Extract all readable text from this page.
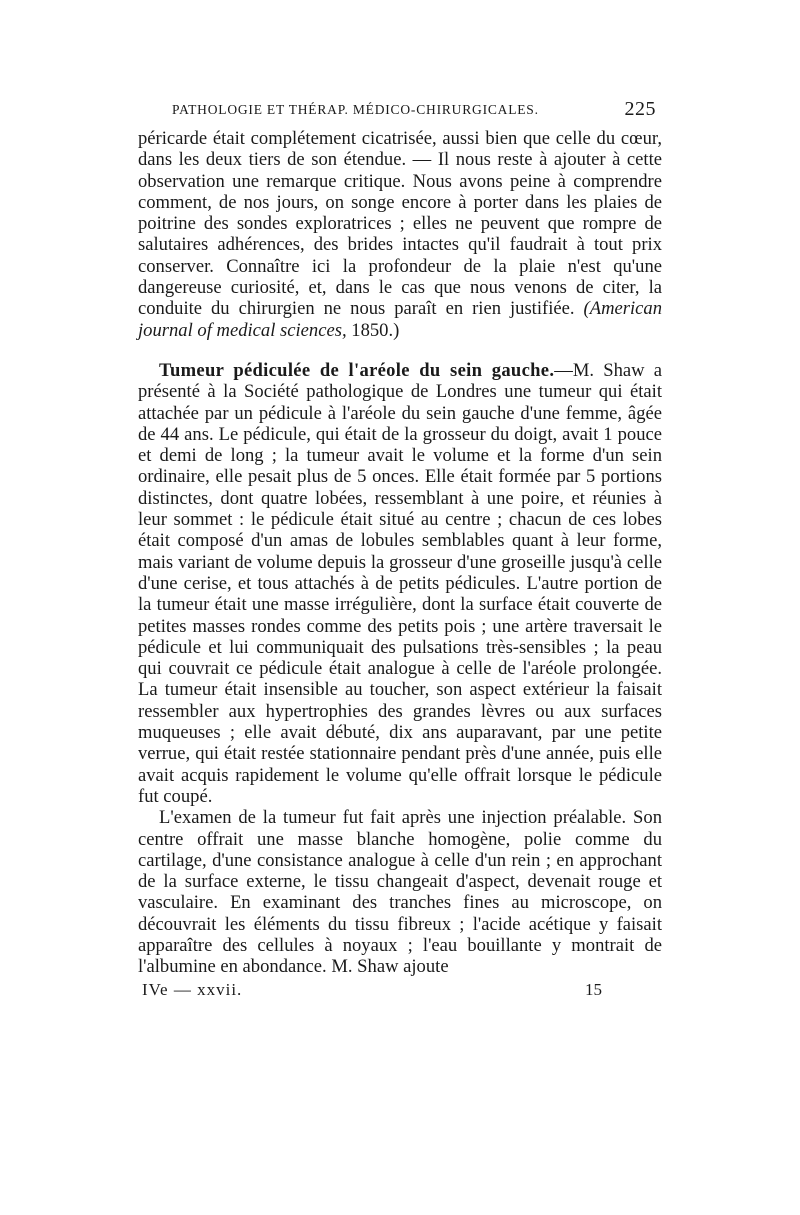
PATHOLOGIE ET THÉRAP. MÉDICO-CHIRURGICALES.	225

péricarde était complétement cicatrisée, aussi bien que celle du cœur, dans les deux tiers de son étendue. — Il nous reste à ajouter à cette observation une remarque critique. Nous avons peine à comprendre comment, de nos jours, on songe encore à porter dans les plaies de poitrine des sondes exploratrices ; elles ne peuvent que rompre de salutaires adhérences, des brides intactes qu'il faudrait à tout prix conserver. Connaître ici la profondeur de la plaie n'est qu'une dangereuse curiosité, et, dans le cas que nous venons de citer, la conduite du chirurgien ne nous paraît en rien justifiée. (American journal of medical sciences, 1850.)

Tumeur pédiculée de l'aréole du sein gauche.—M. Shaw a présenté à la Société pathologique de Londres une tumeur qui était attachée par un pédicule à l'aréole du sein gauche d'une femme, âgée de 44 ans. Le pédicule, qui était de la grosseur du doigt, avait 1 pouce et demi de long ; la tumeur avait le volume et la forme d'un sein ordinaire, elle pesait plus de 5 onces. Elle était formée par 5 portions distinctes, dont quatre lobées, ressemblant à une poire, et réunies à leur sommet : le pédicule était situé au centre ; chacun de ces lobes était composé d'un amas de lobules semblables quant à leur forme, mais variant de volume depuis la grosseur d'une groseille jusqu'à celle d'une cerise, et tous attachés à de petits pédicules. L'autre portion de la tumeur était une masse irrégulière, dont la surface était couverte de petites masses rondes comme des petits pois ; une artère traversait le pédicule et lui communiquait des pulsations très-sensibles ; la peau qui couvrait ce pédicule était analogue à celle de l'aréole prolongée. La tumeur était insensible au toucher, son aspect extérieur la faisait ressembler aux hypertrophies des grandes lèvres ou aux surfaces muqueuses ; elle avait débuté, dix ans auparavant, par une petite verrue, qui était restée stationnaire pendant près d'une année, puis elle avait acquis rapidement le volume qu'elle offrait lorsque le pédicule fut coupé.

L'examen de la tumeur fut fait après une injection préalable. Son centre offrait une masse blanche homogène, polie comme du cartilage, d'une consistance analogue à celle d'un rein ; en approchant de la surface externe, le tissu changeait d'aspect, devenait rouge et vasculaire. En examinant des tranches fines au microscope, on découvrait les éléments du tissu fibreux ; l'acide acétique y faisait apparaître des cellules à noyaux ; l'eau bouillante y montrait de l'albumine en abondance. M. Shaw ajoute

IVe — xxvii.	15
